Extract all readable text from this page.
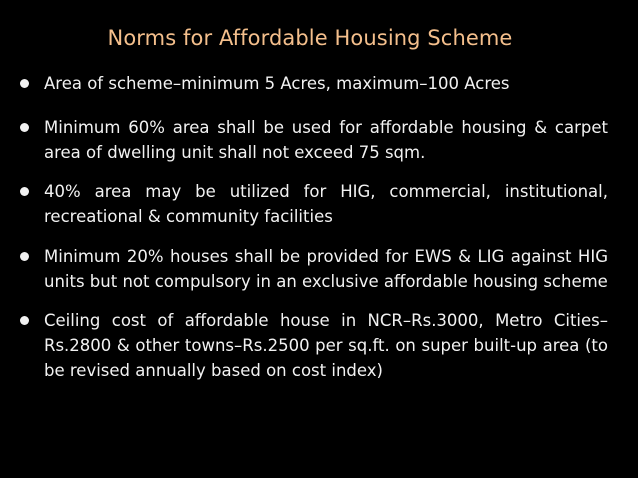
Norms for Affordable Housing Scheme
Area of scheme–minimum 5 Acres, maximum–100 Acres
Minimum 60% area shall be used for affordable housing & carpet area of dwelling unit shall not exceed 75 sqm.
40% area may be utilized for HIG, commercial, institutional, recreational & community facilities
Minimum 20% houses shall be provided for EWS & LIG against HIG units but not compulsory in an exclusive affordable housing scheme
Ceiling cost of affordable house in NCR–Rs.3000, Metro Cities–Rs.2800 & other towns–Rs.2500 per sq.ft. on super built-up area (to be revised annually based on cost index)
